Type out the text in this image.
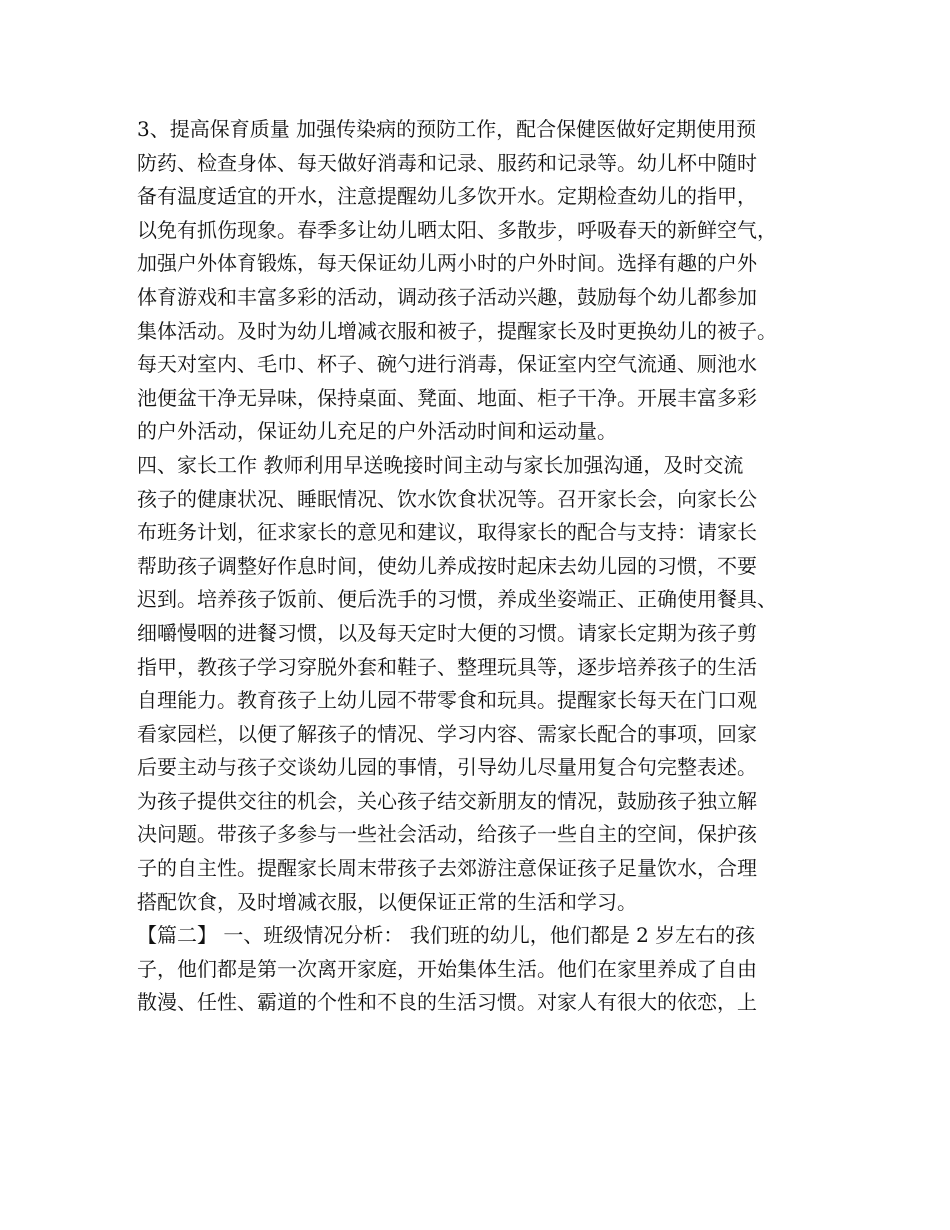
3、提高保育质量 加强传染病的预防工作，配合保健医做好定期使用预
防药、检查身体、每天做好消毒和记录、服药和记录等。幼儿杯中随时
备有温度适宜的开水，注意提醒幼儿多饮开水。定期检查幼儿的指甲，
以免有抓伤现象。春季多让幼儿晒太阳、多散步，呼吸春天的新鲜空气，
加强户外体育锻炼，每天保证幼儿两小时的户外时间。选择有趣的户外
体育游戏和丰富多彩的活动，调动孩子活动兴趣，鼓励每个幼儿都参加
集体活动。及时为幼儿增减衣服和被子，提醒家长及时更换幼儿的被子。
每天对室内、毛巾、杯子、碗勺进行消毒，保证室内空气流通、厕池水
池便盆干净无异味，保持桌面、凳面、地面、柜子干净。开展丰富多彩
的户外活动，保证幼儿充足的户外活动时间和运动量。
四、家长工作 教师利用早送晚接时间主动与家长加强沟通，及时交流
孩子的健康状况、睡眠情况、饮水饮食状况等。召开家长会，向家长公
布班务计划，征求家长的意见和建议，取得家长的配合与支持：请家长
帮助孩子调整好作息时间，使幼儿养成按时起床去幼儿园的习惯，不要
迟到。培养孩子饭前、便后洗手的习惯，养成坐姿端正、正确使用餐具、
细嚼慢咽的进餐习惯，以及每天定时大便的习惯。请家长定期为孩子剪
指甲，教孩子学习穿脱外套和鞋子、整理玩具等，逐步培养孩子的生活
自理能力。教育孩子上幼儿园不带零食和玩具。提醒家长每天在门口观
看家园栏，以便了解孩子的情况、学习内容、需家长配合的事项，回家
后要主动与孩子交谈幼儿园的事情，引导幼儿尽量用复合句完整表述。
为孩子提供交往的机会，关心孩子结交新朋友的情况，鼓励孩子独立解
决问题。带孩子多参与一些社会活动，给孩子一些自主的空间，保护孩
子的自主性。提醒家长周末带孩子去郊游注意保证孩子足量饮水，合理
搭配饮食，及时增减衣服，以便保证正常的生活和学习。
【篇二】 一、班级情况分析： 我们班的幼儿，他们都是 2 岁左右的孩
子，他们都是第一次离开家庭，开始集体生活。他们在家里养成了自由
散漫、任性、霸道的个性和不良的生活习惯。对家人有很大的依恋，上
